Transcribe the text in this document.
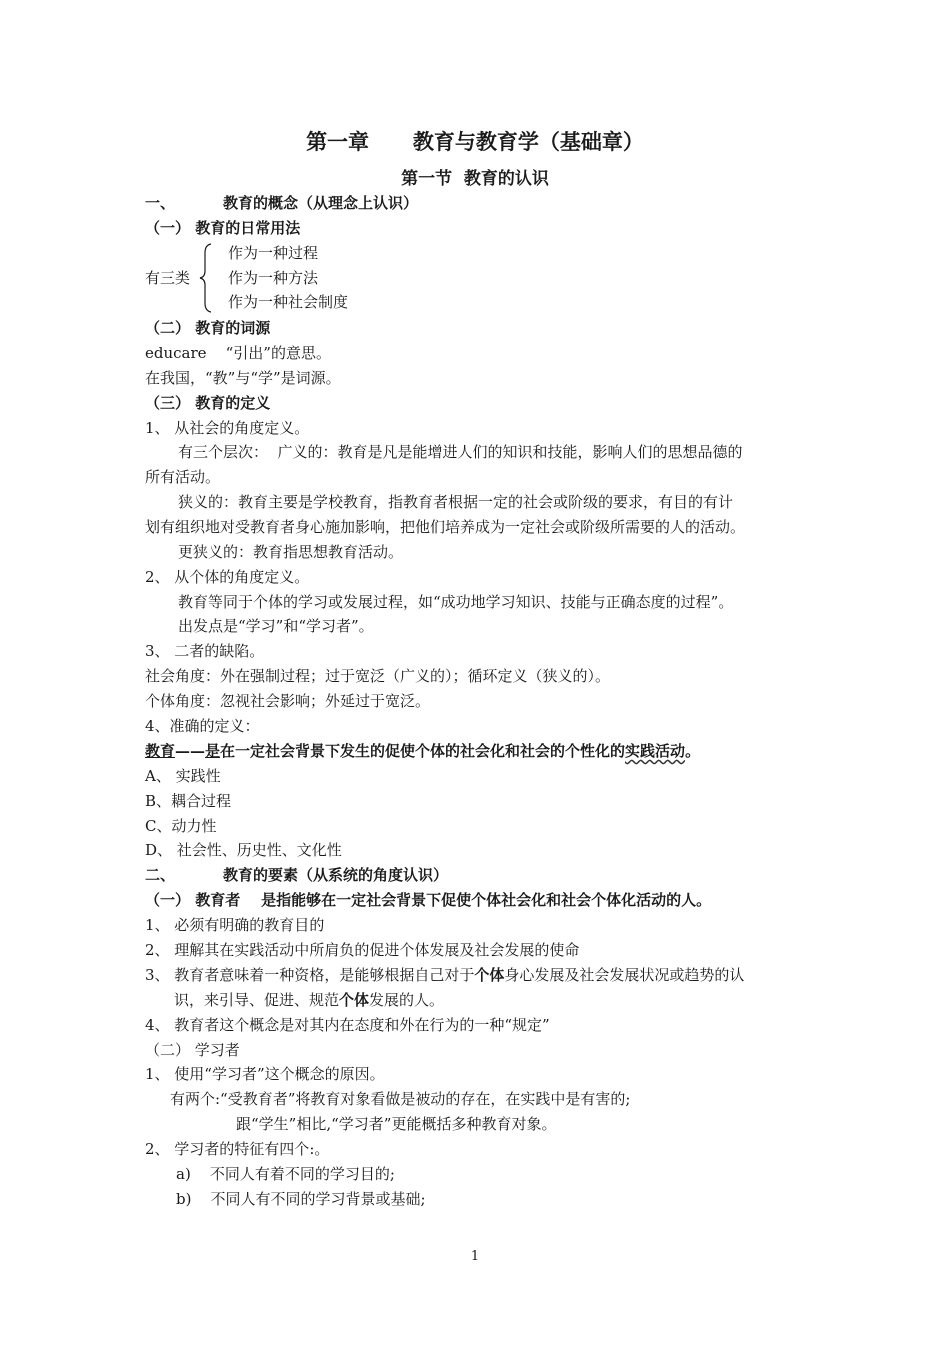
第一章      教育与教育学（基础章）
第一节  教育的认识
一、	教育的概念（从理念上认识）
（一） 教育的日常用法
有三类
作为一种过程
作为一种方法
作为一种社会制度
（二） 教育的词源
educare    “引出”的意思。
在我国，“教”与“学”是词源。
（三） 教育的定义
1、 从社会的角度定义。
有三个层次：  广义的：教育是凡是能增进人们的知识和技能，影响人们的思想品德的
所有活动。
狭义的：教育主要是学校教育，指教育者根据一定的社会或阶级的要求，有目的有计
划有组织地对受教育者身心施加影响，把他们培养成为一定社会或阶级所需要的人的活动。
更狭义的：教育指思想教育活动。
2、 从个体的角度定义。
教育等同于个体的学习或发展过程，如“成功地学习知识、技能与正确态度的过程”。
出发点是“学习”和“学习者”。
3、 二者的缺陷。
社会角度：外在强制过程；过于宽泛（广义的）；循环定义（狭义的）。
个体角度：忽视社会影响；外延过于宽泛。
4、准确的定义：
教育——是在一定社会背景下发生的促使个体的社会化和社会的个性化的实践活动。
A、 实践性
B、耦合过程
C、动力性
D、 社会性、历史性、文化性
二、	教育的要素（从系统的角度认识）
（一） 教育者    是指能够在一定社会背景下促使个体社会化和社会个体化活动的人。
1、 必须有明确的教育目的
2、 理解其在实践活动中所肩负的促进个体发展及社会发展的使命
3、 教育者意味着一种资格，是能够根据自己对于个体身心发展及社会发展状况或趋势的认
识，来引导、促进、规范个体发展的人。
4、 教育者这个概念是对其内在态度和外在行为的一种“规定”
（二） 学习者
1、 使用“学习者”这个概念的原因。
有两个:“受教育者”将教育对象看做是被动的存在，在实践中是有害的;
跟“学生”相比,“学习者”更能概括多种教育对象。
2、 学习者的特征有四个:。
a)    不同人有着不同的学习目的;
b)    不同人有不同的学习背景或基础;
1
